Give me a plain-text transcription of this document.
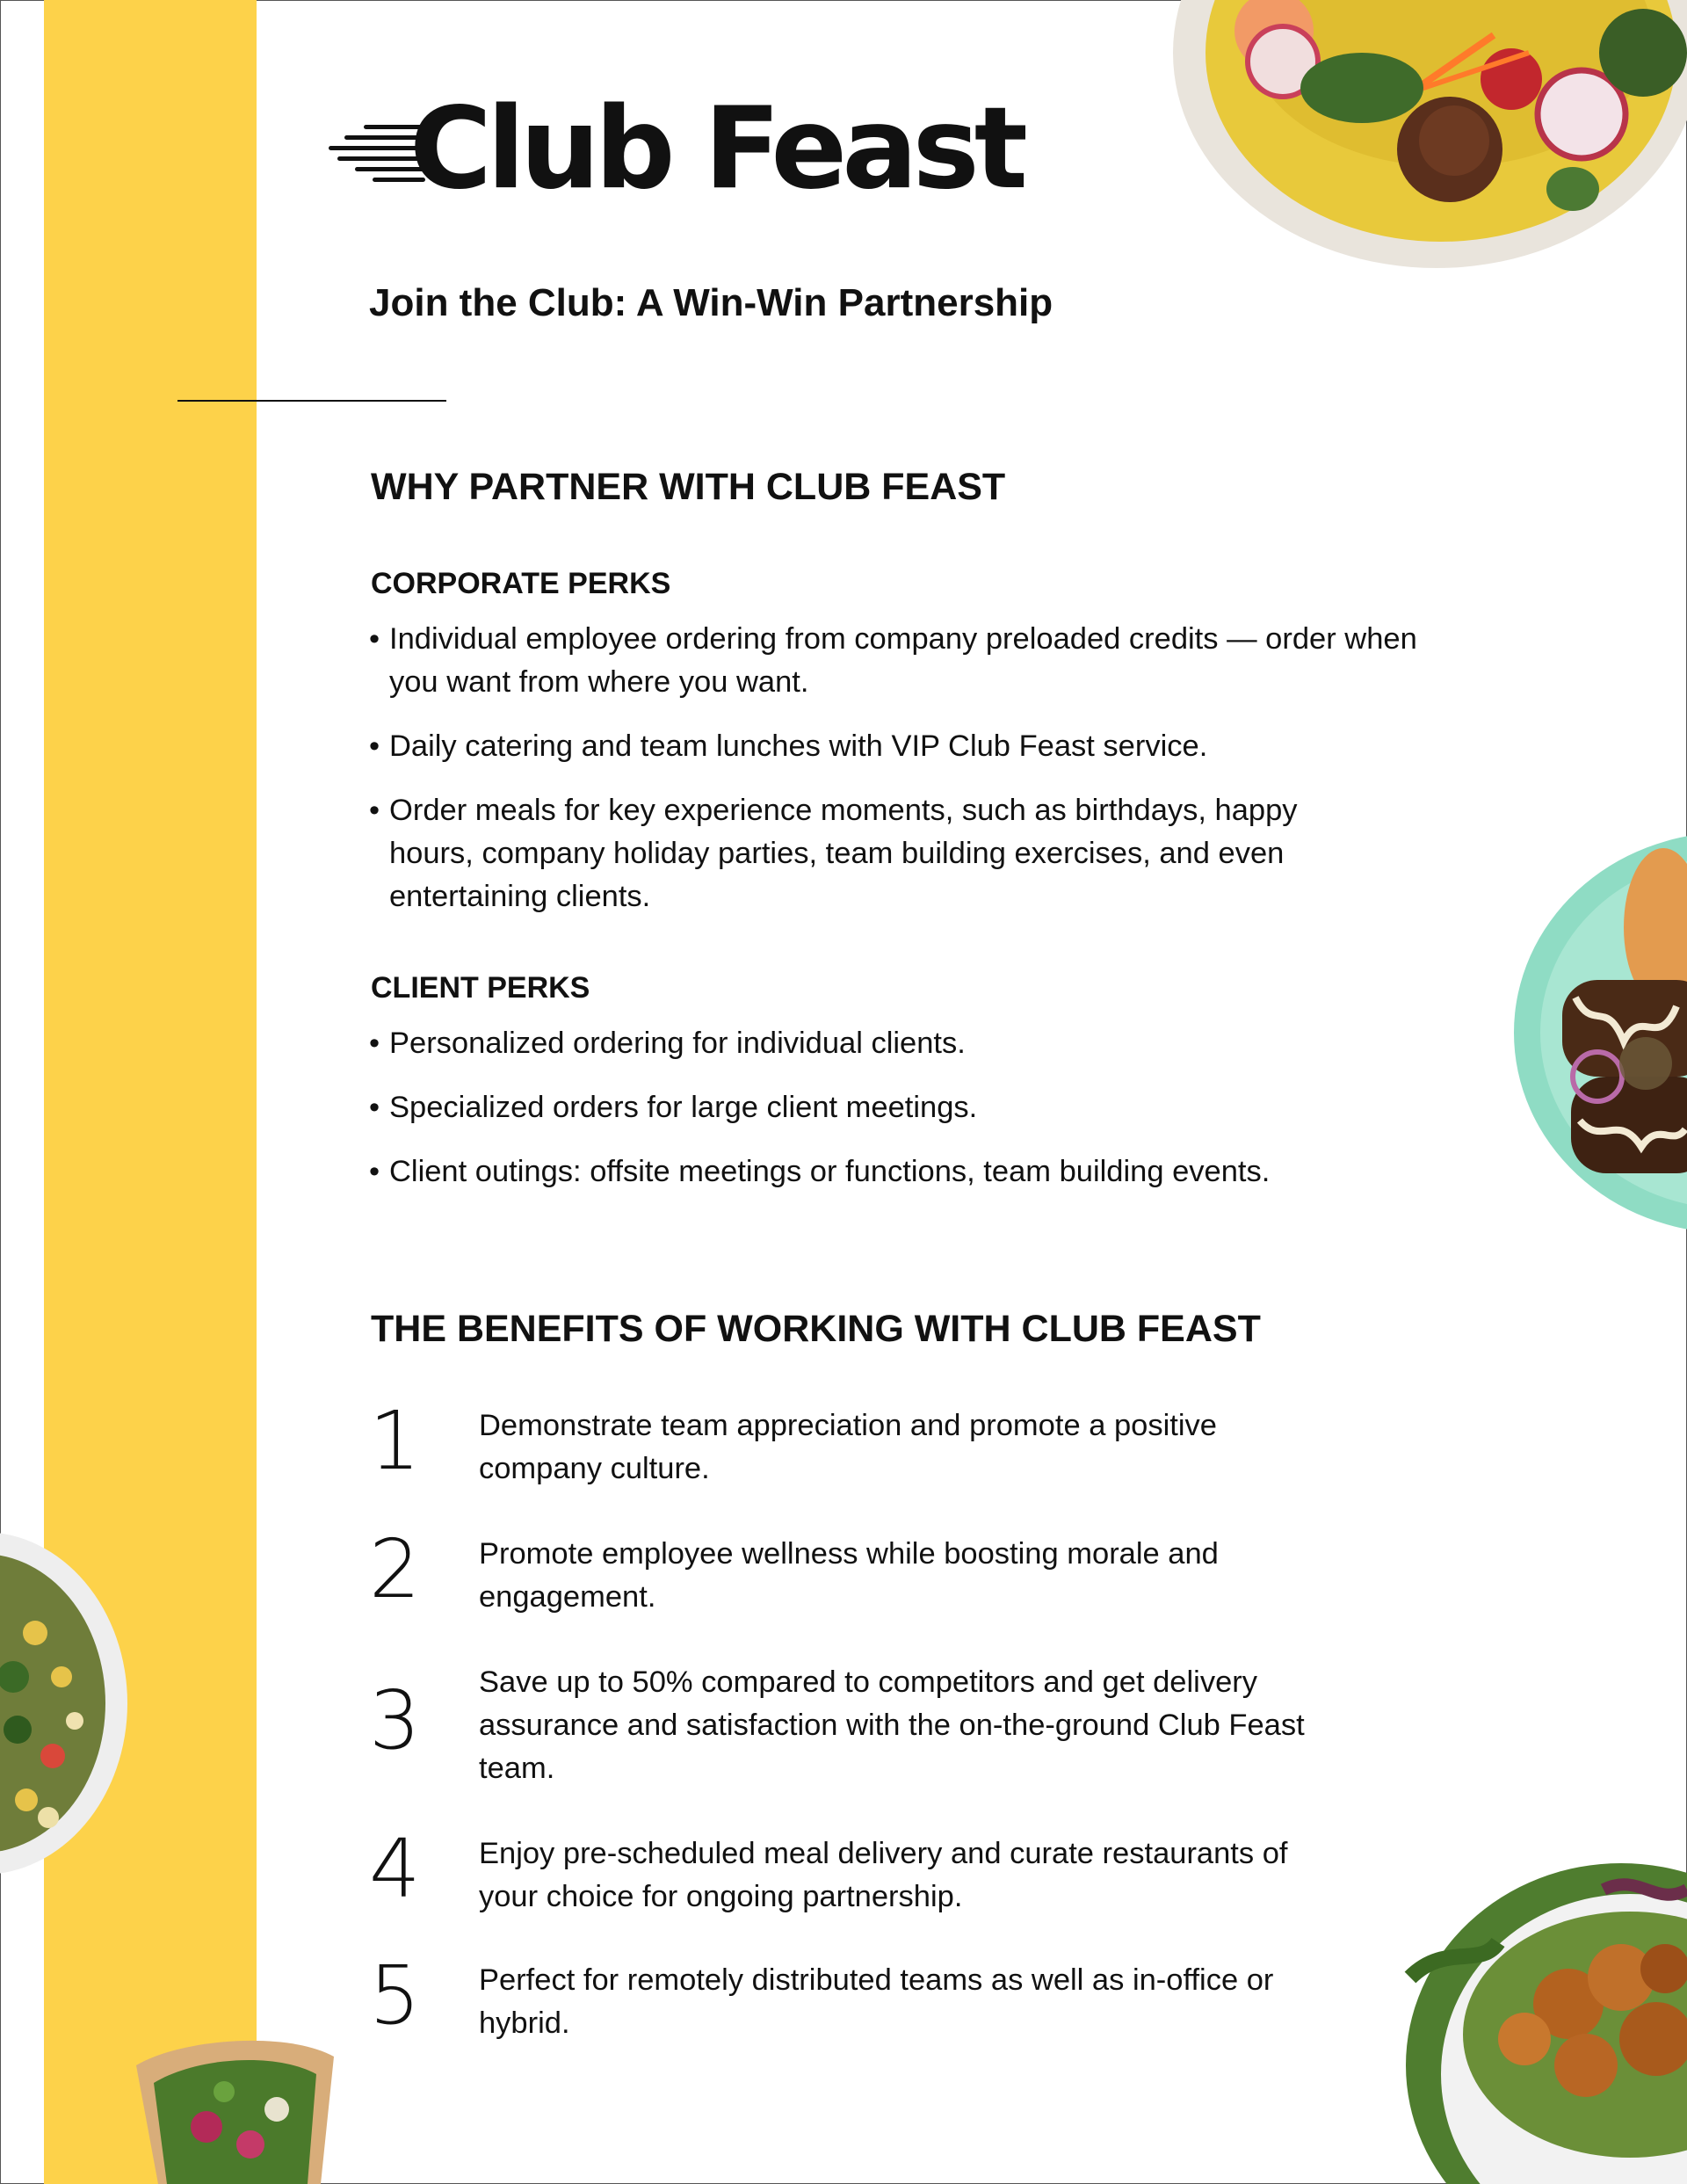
Club Feast
Join the Club: A Win-Win Partnership
WHY PARTNER WITH CLUB FEAST
CORPORATE PERKS
• Individual employee ordering from company preloaded credits — order when you want from where you want.
• Daily catering and team lunches with VIP Club Feast service.
• Order meals for key experience moments, such as birthdays, happy hours, company holiday parties, team building exercises, and even entertaining clients.
CLIENT PERKS
• Personalized ordering for individual clients.
• Specialized orders for large client meetings.
• Client outings: offsite meetings or functions, team building events.
THE BENEFITS OF WORKING WITH CLUB FEAST
1 Demonstrate team appreciation and promote a positive company culture.
2 Promote employee wellness while boosting morale and engagement.
3 Save up to 50% compared to competitors and get delivery assurance and satisfaction with the on-the-ground Club Feast team.
4 Enjoy pre-scheduled meal delivery and curate restaurants of your choice for ongoing partnership.
5 Perfect for remotely distributed teams as well as in-office or hybrid.
